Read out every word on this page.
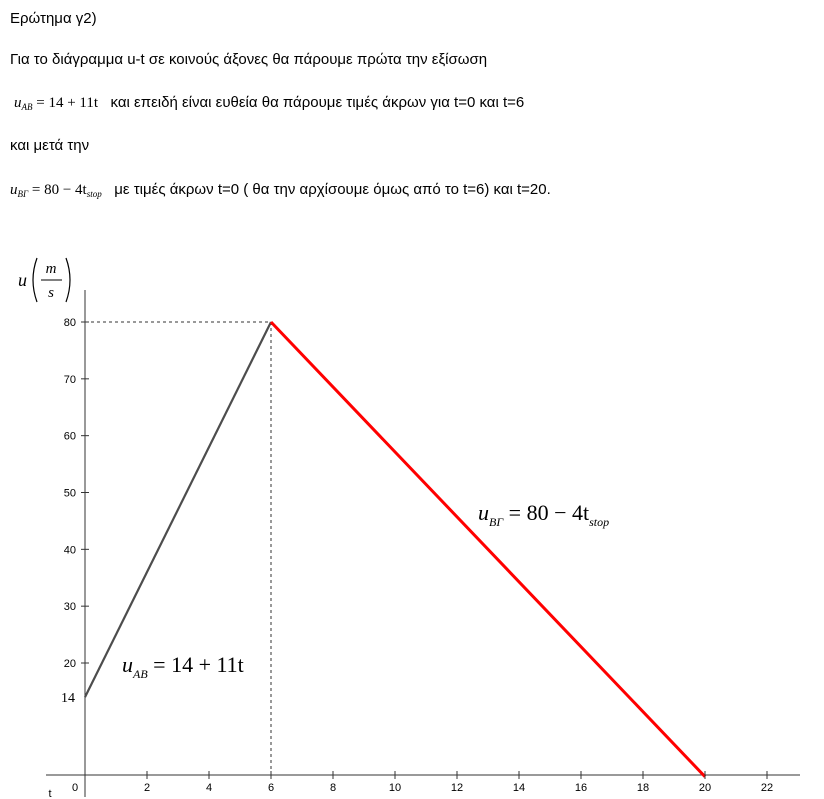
Ερώτημα γ2)
Για το διάγραμμα u-t σε κοινούς άξονες θα πάρουμε πρώτα την εξίσωση
$u_{AB} = 14 + 11t$ και επειδή είναι ευθεία θα πάρουμε τιμές άκρων για t=0 και t=6
και μετά την
$u_{B\Gamma} = 80 - 4t_{stop}$ με τιμές άκρων t=0 ( θα την αρχίσουμε όμως από το t=6) και t=20.
0	2	4	6	8	10	12	14	16	18	20	22
t
20
30
40
50
60
70
80
14
u
m
s
$u_{AB} = 14 + 11t$
$u_{B\Gamma} = 80 - 4t_{stop}$
